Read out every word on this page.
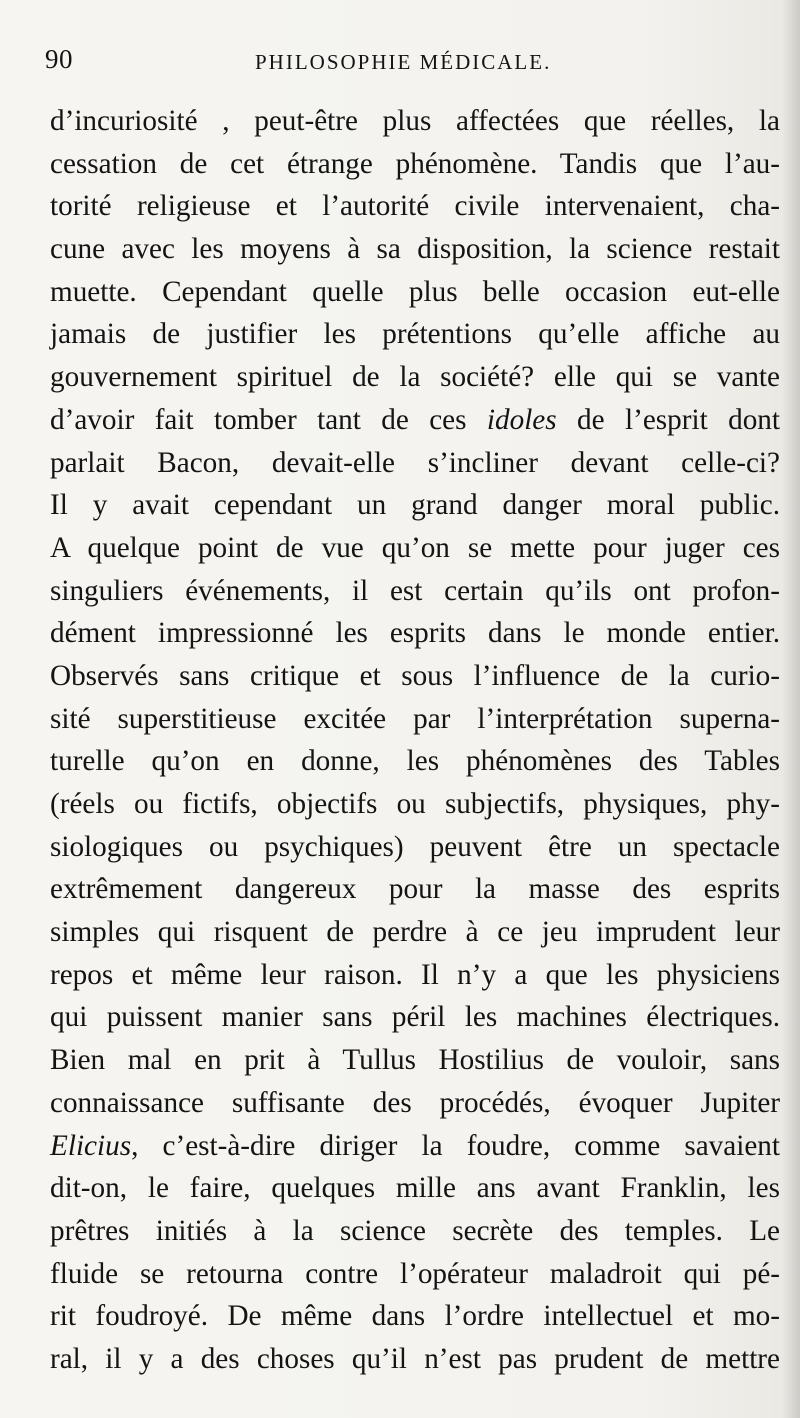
90	PHILOSOPHIE MÉDICALE.
d’incuriosité , peut-être plus affectées que réelles, la
cessation de cet étrange phénomène. Tandis que l’au-
torité religieuse et l’autorité civile intervenaient, cha-
cune avec les moyens à sa disposition, la science restait
muette. Cependant quelle plus belle occasion eut-elle
jamais de justifier les prétentions qu’elle affiche au
gouvernement spirituel de la société? elle qui se vante
d’avoir fait tomber tant de ces idoles de l’esprit dont
parlait Bacon, devait-elle s’incliner devant celle-ci?
Il y avait cependant un grand danger moral public.
A quelque point de vue qu’on se mette pour juger ces
singuliers événements, il est certain qu’ils ont profon-
dément impressionné les esprits dans le monde entier.
Observés sans critique et sous l’influence de la curio-
sité superstitieuse excitée par l’interprétation superna-
turelle qu’on en donne, les phénomènes des Tables
(réels ou fictifs, objectifs ou subjectifs, physiques, phy-
siologiques ou psychiques) peuvent être un spectacle
extrêmement dangereux pour la masse des esprits
simples qui risquent de perdre à ce jeu imprudent leur
repos et même leur raison. Il n’y a que les physiciens
qui puissent manier sans péril les machines électriques.
Bien mal en prit à Tullus Hostilius de vouloir, sans
connaissance suffisante des procédés, évoquer Jupiter
Elicius, c’est-à-dire diriger la foudre, comme savaient
dit-on, le faire, quelques mille ans avant Franklin, les
prêtres initiés à la science secrète des temples. Le
fluide se retourna contre l’opérateur maladroit qui pé-
rit foudroyé. De même dans l’ordre intellectuel et mo-
ral, il y a des choses qu’il n’est pas prudent de mettre
